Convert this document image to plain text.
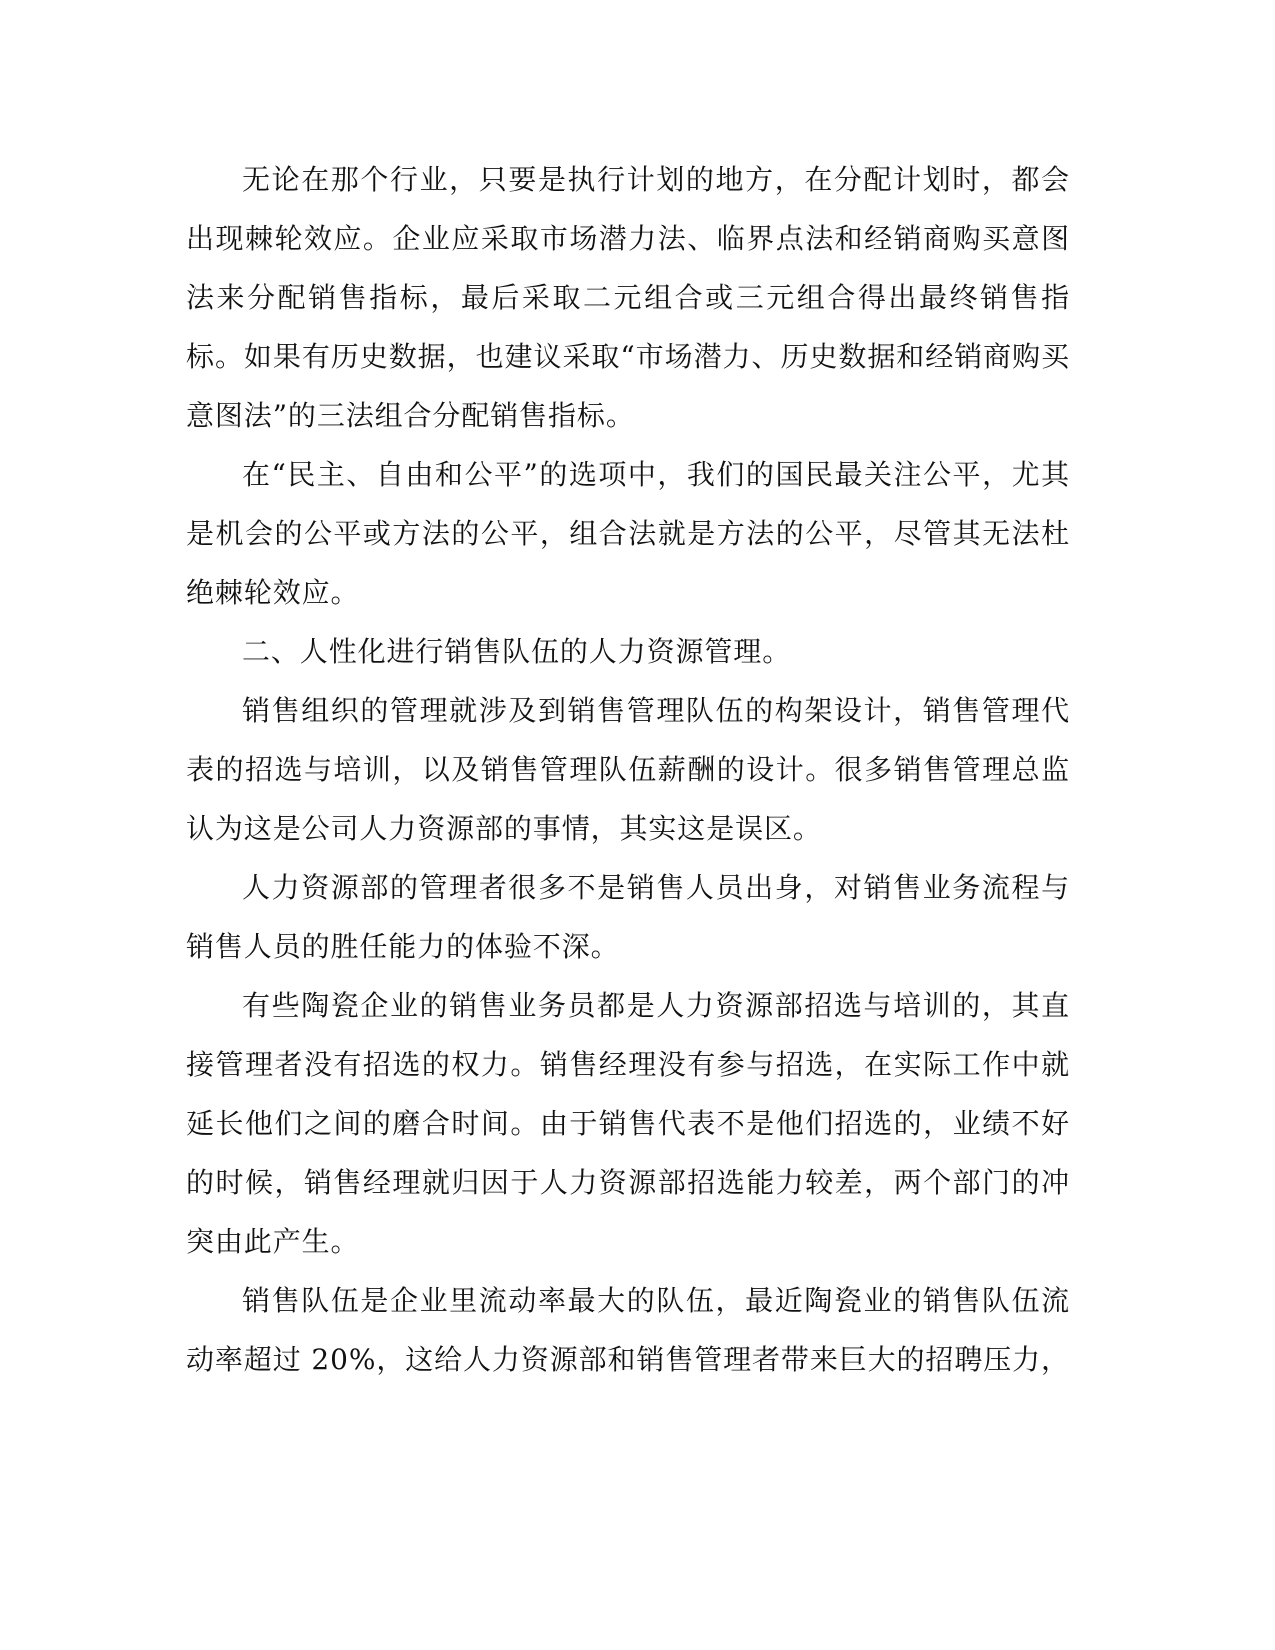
无论在那个行业，只要是执行计划的地方，在分配计划时，都会出现棘轮效应。企业应采取市场潜力法、临界点法和经销商购买意图法来分配销售指标，最后采取二元组合或三元组合得出最终销售指标。如果有历史数据，也建议采取“市场潜力、历史数据和经销商购买意图法”的三法组合分配销售指标。

在“民主、自由和公平”的选项中，我们的国民最关注公平，尤其是机会的公平或方法的公平，组合法就是方法的公平，尽管其无法杜绝棘轮效应。

二、人性化进行销售队伍的人力资源管理。

销售组织的管理就涉及到销售管理队伍的构架设计，销售管理代表的招选与培训，以及销售管理队伍薪酬的设计。很多销售管理总监认为这是公司人力资源部的事情，其实这是误区。

人力资源部的管理者很多不是销售人员出身，对销售业务流程与销售人员的胜任能力的体验不深。

有些陶瓷企业的销售业务员都是人力资源部招选与培训的，其直接管理者没有招选的权力。销售经理没有参与招选，在实际工作中就延长他们之间的磨合时间。由于销售代表不是他们招选的，业绩不好的时候，销售经理就归因于人力资源部招选能力较差，两个部门的冲突由此产生。

销售队伍是企业里流动率最大的队伍，最近陶瓷业的销售队伍流动率超过 20%，这给人力资源部和销售管理者带来巨大的招聘压力，
